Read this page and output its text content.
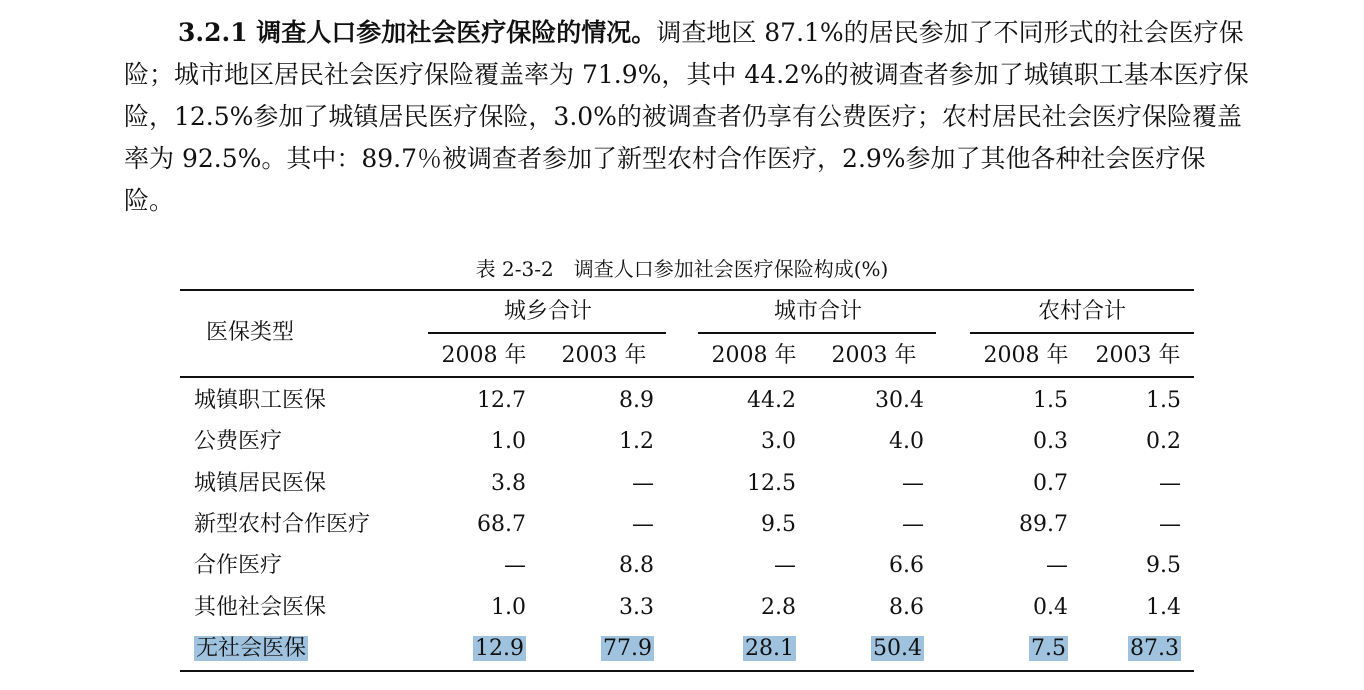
3.2.1 调查人口参加社会医疗保险的情况。调查地区 87.1%的居民参加了不同形式的社会医疗保险；城市地区居民社会医疗保险覆盖率为 71.9%，其中 44.2%的被调查者参加了城镇职工基本医疗保险，12.5%参加了城镇居民医疗保险，3.0%的被调查者仍享有公费医疗；农村居民社会医疗保险覆盖率为 92.5%。其中：89.7％被调查者参加了新型农村合作医疗，2.9%参加了其他各种社会医疗保险。

表 2-3-2　调查人口参加社会医疗保险构成(%)
医保类型
城乡合计	城市合计	农村合计
2008 年	2003 年	2008 年	2003 年	2008 年	2003 年
城镇职工医保	12.7	8.9	44.2	30.4	1.5	1.5
公费医疗	1.0	1.2	3.0	4.0	0.3	0.2
城镇居民医保	3.8	—	12.5	—	0.7	—
新型农村合作医疗	68.7	—	9.5	—	89.7	—
合作医疗	—	8.8	—	6.6	—	9.5
其他社会医保	1.0	3.3	2.8	8.6	0.4	1.4
无社会医保	12.9	77.9	28.1	50.4	7.5	87.3
